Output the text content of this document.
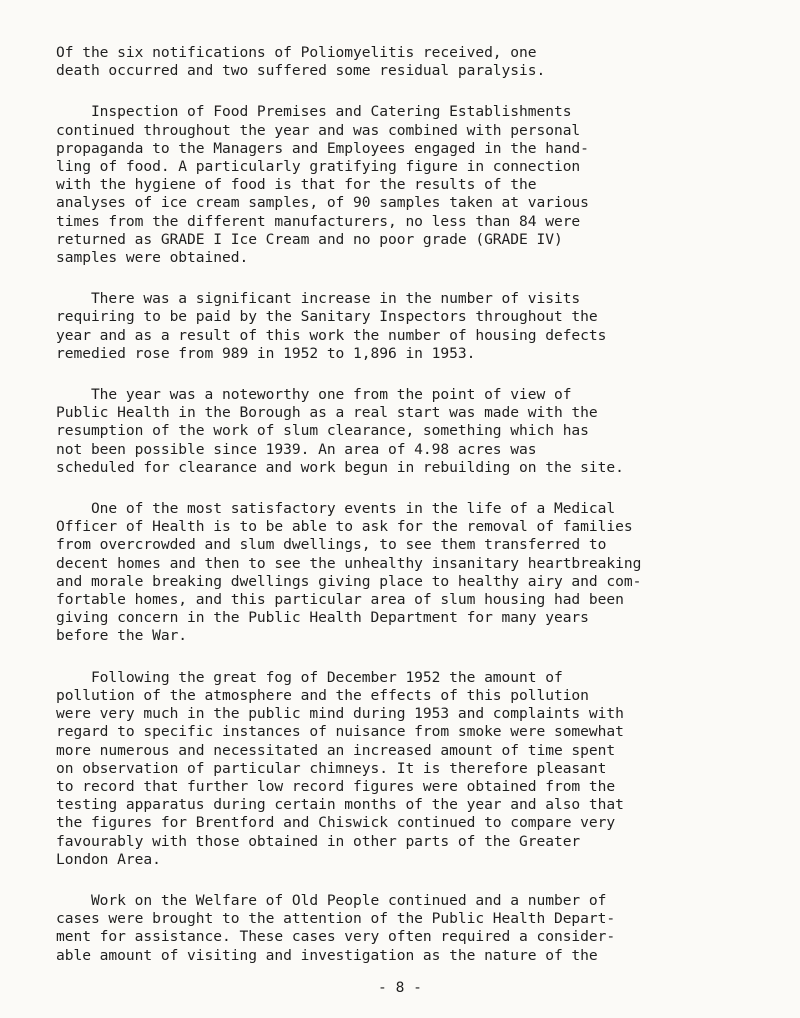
Of the six notifications of Poliomyelitis received, one
death occurred and two suffered some residual paralysis.

Inspection of Food Premises and Catering Establishments
continued throughout the year and was combined with personal
propaganda to the Managers and Employees engaged in the hand-
ling of food. A particularly gratifying figure in connection
with the hygiene of food is that for the results of the
analyses of ice cream samples, of 90 samples taken at various
times from the different manufacturers, no less than 84 were
returned as GRADE I Ice Cream and no poor grade (GRADE IV)
samples were obtained.

There was a significant increase in the number of visits
requiring to be paid by the Sanitary Inspectors throughout the
year and as a result of this work the number of housing defects
remedied rose from 989 in 1952 to 1,896 in 1953.

The year was a noteworthy one from the point of view of
Public Health in the Borough as a real start was made with the
resumption of the work of slum clearance, something which has
not been possible since 1939. An area of 4.98 acres was
scheduled for clearance and work begun in rebuilding on the site.

One of the most satisfactory events in the life of a Medical
Officer of Health is to be able to ask for the removal of families
from overcrowded and slum dwellings, to see them transferred to
decent homes and then to see the unhealthy insanitary heartbreaking
and morale breaking dwellings giving place to healthy airy and com-
fortable homes, and this particular area of slum housing had been
giving concern in the Public Health Department for many years
before the War.

Following the great fog of December 1952 the amount of
pollution of the atmosphere and the effects of this pollution
were very much in the public mind during 1953 and complaints with
regard to specific instances of nuisance from smoke were somewhat
more numerous and necessitated an increased amount of time spent
on observation of particular chimneys. It is therefore pleasant
to record that further low record figures were obtained from the
testing apparatus during certain months of the year and also that
the figures for Brentford and Chiswick continued to compare very
favourably with those obtained in other parts of the Greater
London Area.

Work on the Welfare of Old People continued and a number of
cases were brought to the attention of the Public Health Depart-
ment for assistance. These cases very often required a consider-
able amount of visiting and investigation as the nature of the

- 8 -
